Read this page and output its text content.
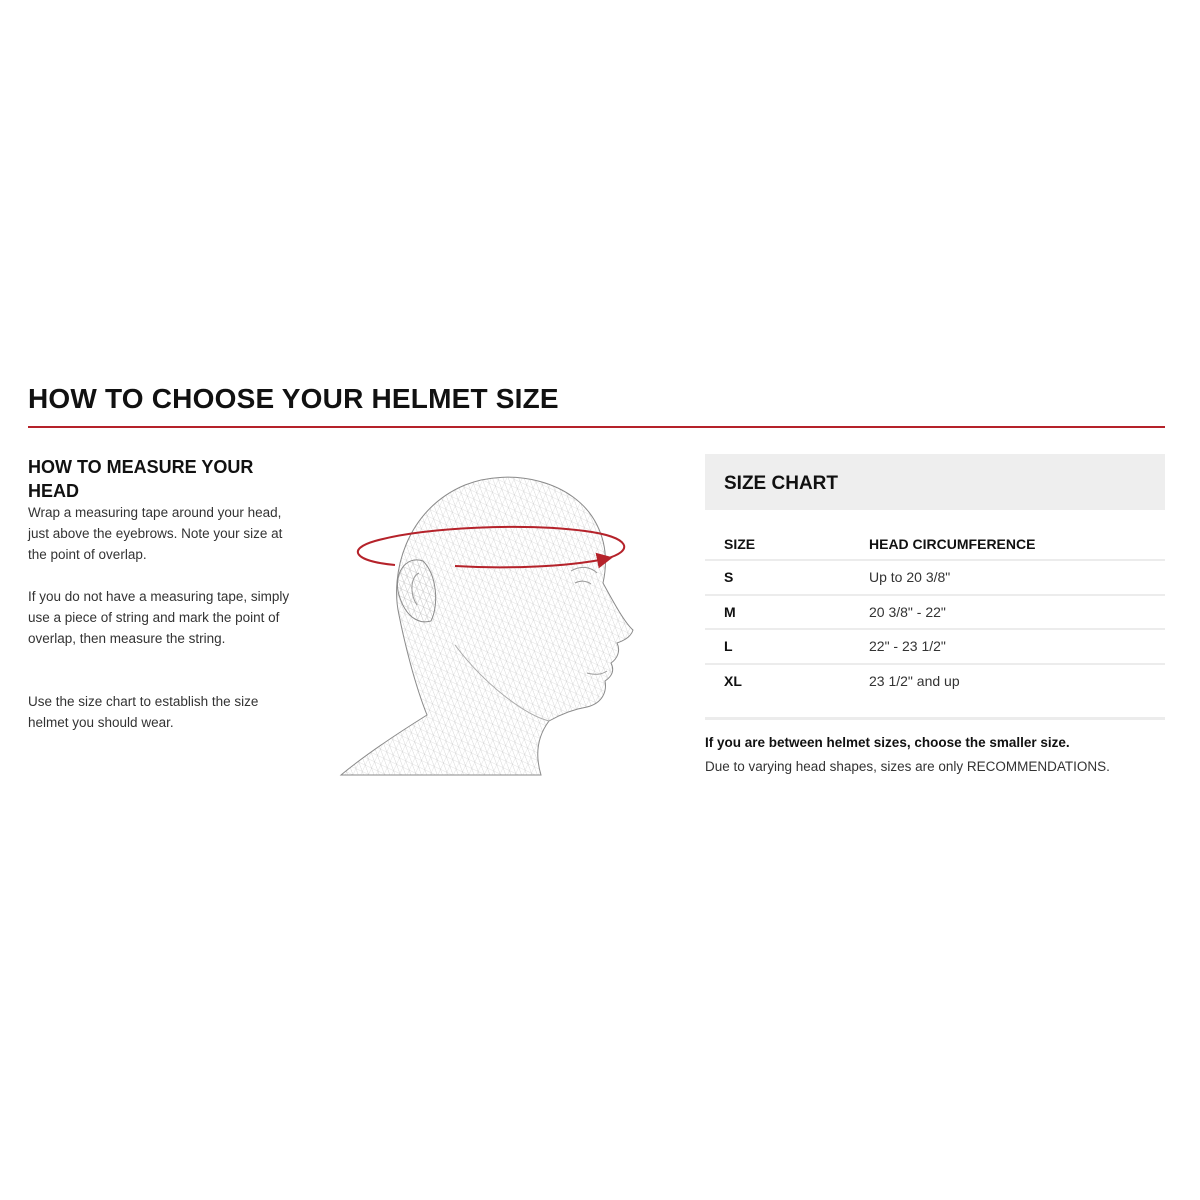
HOW TO CHOOSE YOUR HELMET SIZE
HOW TO MEASURE YOUR HEAD
Wrap a measuring tape around your head, just above the eyebrows. Note your size at the point of overlap.
If you do not have a measuring tape, simply use a piece of string and mark the point of overlap, then measure the string.
Use the size chart to establish the size helmet you should wear.
SIZE CHART
SIZE	HEAD CIRCUMFERENCE
S	Up to 20 3/8"
M	20 3/8" - 22"
L	22" - 23 1/2"
XL	23 1/2" and up
If you are between helmet sizes, choose the smaller size.
Due to varying head shapes, sizes are only RECOMMENDATIONS.
